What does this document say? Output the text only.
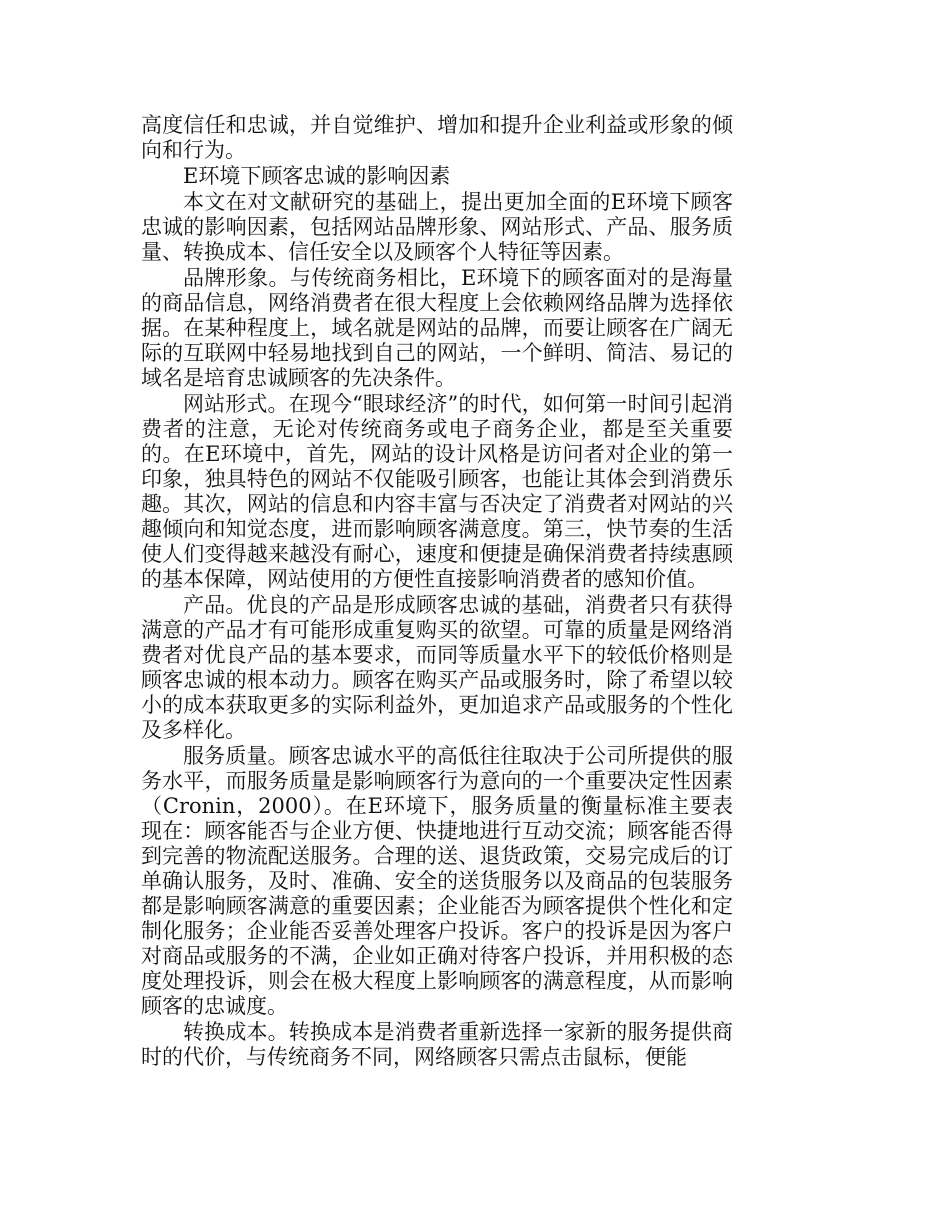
高度信任和忠诚，并自觉维护、增加和提升企业利益或形象的倾向和行为。

E环境下顾客忠诚的影响因素

本文在对文献研究的基础上，提出更加全面的E环境下顾客忠诚的影响因素，包括网站品牌形象、网站形式、产品、服务质量、转换成本、信任安全以及顾客个人特征等因素。

品牌形象。与传统商务相比，E环境下的顾客面对的是海量的商品信息，网络消费者在很大程度上会依赖网络品牌为选择依据。在某种程度上，域名就是网站的品牌，而要让顾客在广阔无际的互联网中轻易地找到自己的网站，一个鲜明、简洁、易记的域名是培育忠诚顾客的先决条件。

网站形式。在现今“眼球经济”的时代，如何第一时间引起消费者的注意，无论对传统商务或电子商务企业，都是至关重要的。在E环境中，首先，网站的设计风格是访问者对企业的第一印象，独具特色的网站不仅能吸引顾客，也能让其体会到消费乐趣。其次，网站的信息和内容丰富与否决定了消费者对网站的兴趣倾向和知觉态度，进而影响顾客满意度。第三，快节奏的生活使人们变得越来越没有耐心，速度和便捷是确保消费者持续惠顾的基本保障，网站使用的方便性直接影响消费者的感知价值。

产品。优良的产品是形成顾客忠诚的基础，消费者只有获得满意的产品才有可能形成重复购买的欲望。可靠的质量是网络消费者对优良产品的基本要求，而同等质量水平下的较低价格则是顾客忠诚的根本动力。顾客在购买产品或服务时，除了希望以较小的成本获取更多的实际利益外，更加追求产品或服务的个性化及多样化。

服务质量。顾客忠诚水平的高低往往取决于公司所提供的服务水平，而服务质量是影响顾客行为意向的一个重要决定性因素（Cronin，2000）。在E环境下，服务质量的衡量标准主要表现在：顾客能否与企业方便、快捷地进行互动交流；顾客能否得到完善的物流配送服务。合理的送、退货政策，交易完成后的订单确认服务，及时、准确、安全的送货服务以及商品的包装服务都是影响顾客满意的重要因素；企业能否为顾客提供个性化和定制化服务；企业能否妥善处理客户投诉。客户的投诉是因为客户对商品或服务的不满，企业如正确对待客户投诉，并用积极的态度处理投诉，则会在极大程度上影响顾客的满意程度，从而影响顾客的忠诚度。

转换成本。转换成本是消费者重新选择一家新的服务提供商时的代价，与传统商务不同，网络顾客只需点击鼠标，便能
